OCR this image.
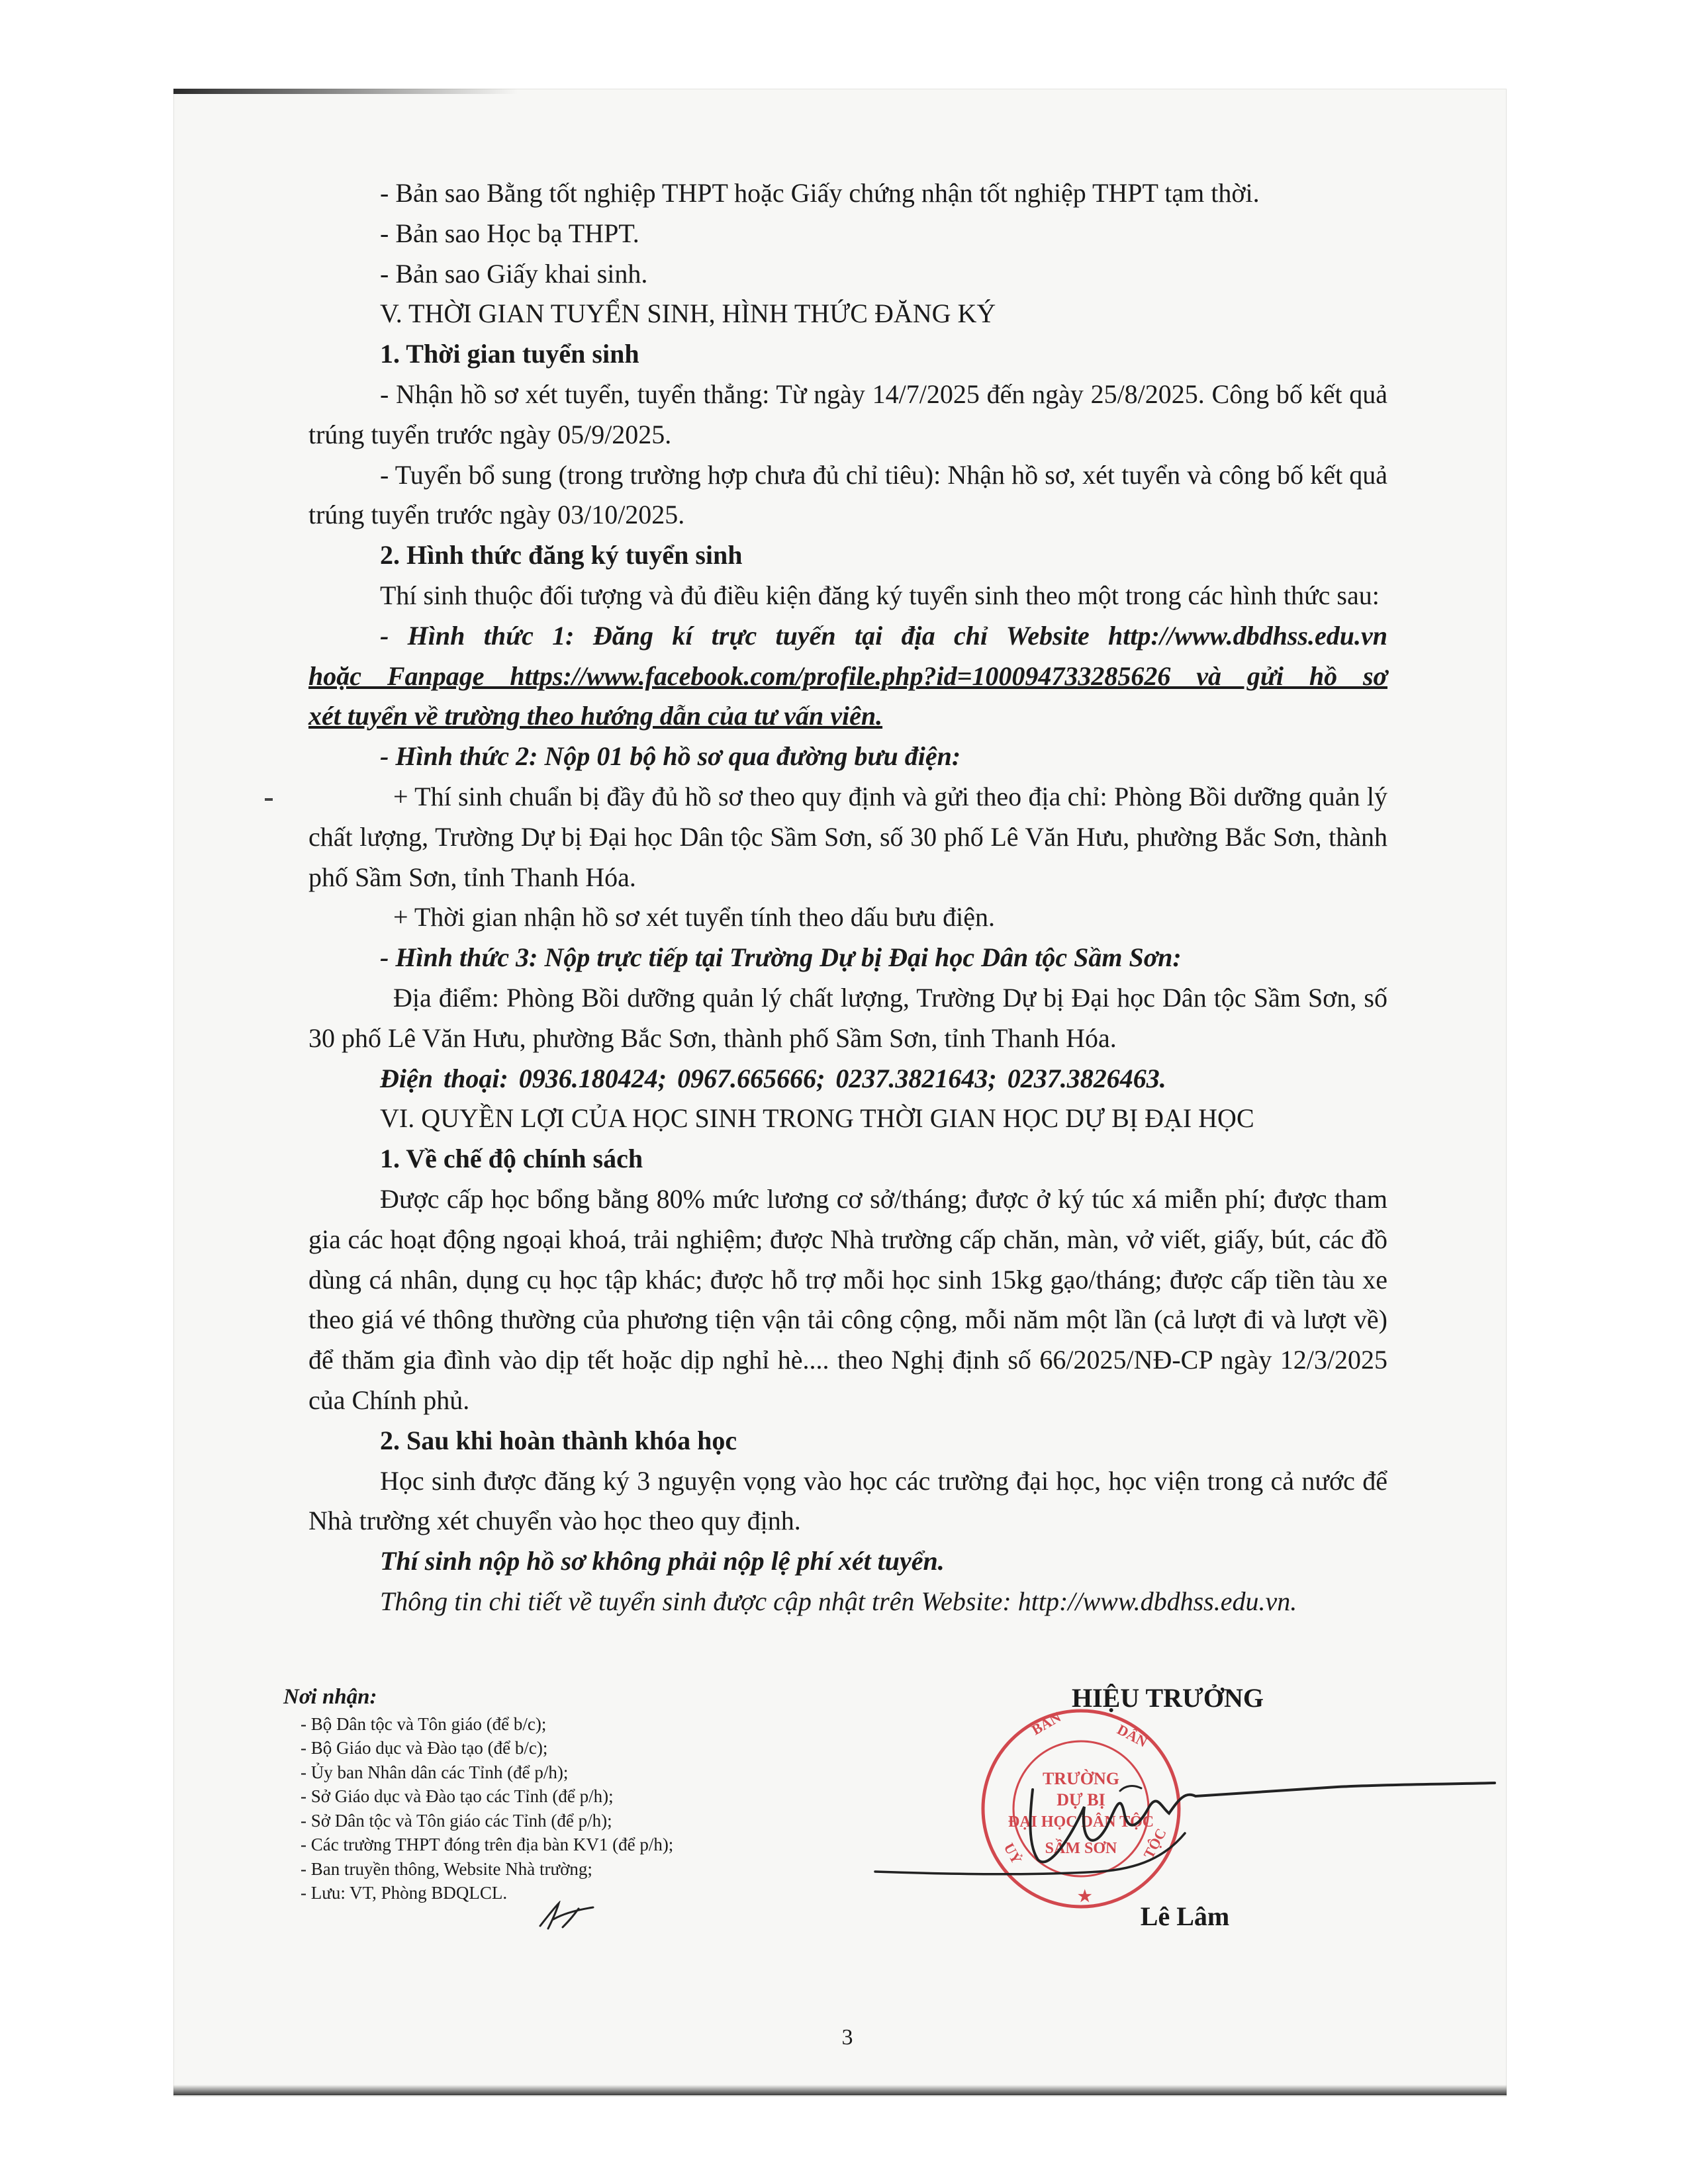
- Bản sao Bằng tốt nghiệp THPT hoặc Giấy chứng nhận tốt nghiệp THPT tạm thời.

- Bản sao Học bạ THPT.

- Bản sao Giấy khai sinh.

V. THỜI GIAN TUYỂN SINH, HÌNH THỨC ĐĂNG KÝ

1. Thời gian tuyển sinh

- Nhận hồ sơ xét tuyển, tuyển thẳng: Từ ngày 14/7/2025 đến ngày 25/8/2025. Công bố kết quả trúng tuyển trước ngày 05/9/2025.

- Tuyển bổ sung (trong trường hợp chưa đủ chỉ tiêu): Nhận hồ sơ, xét tuyển và công bố kết quả trúng tuyển trước ngày 03/10/2025.

2. Hình thức đăng ký tuyển sinh

Thí sinh thuộc đối tượng và đủ điều kiện đăng ký tuyển sinh theo một trong các hình thức sau:

- Hình thức 1: Đăng kí trực tuyến tại địa chỉ Website http://www.dbdhss.edu.vn

hoặc Fanpage https://www.facebook.com/profile.php?id=100094733285626 và gửi hồ sơ

xét tuyển về trường theo hướng dẫn của tư vấn viên.

- Hình thức 2: Nộp 01 bộ hồ sơ qua đường bưu điện:

+ Thí sinh chuẩn bị đầy đủ hồ sơ theo quy định và gửi theo địa chỉ: Phòng Bồi dưỡng quản lý chất lượng, Trường Dự bị Đại học Dân tộc Sầm Sơn, số 30 phố Lê Văn Hưu, phường Bắc Sơn, thành phố Sầm Sơn, tỉnh Thanh Hóa.

+ Thời gian nhận hồ sơ xét tuyển tính theo dấu bưu điện.

- Hình thức 3: Nộp trực tiếp tại Trường Dự bị Đại học Dân tộc Sầm Sơn:

Địa điểm: Phòng Bồi dưỡng quản lý chất lượng, Trường Dự bị Đại học Dân tộc Sầm Sơn, số 30 phố Lê Văn Hưu, phường Bắc Sơn, thành phố Sầm Sơn, tỉnh Thanh Hóa.

Điện thoại: 0936.180424; 0967.665666; 0237.3821643; 0237.3826463.

VI. QUYỀN LỢI CỦA HỌC SINH TRONG THỜI GIAN HỌC DỰ BỊ ĐẠI HỌC

1. Về chế độ chính sách

Được cấp học bổng bằng 80% mức lương cơ sở/tháng; được ở ký túc xá miễn phí; được tham gia các hoạt động ngoại khoá, trải nghiệm; được Nhà trường cấp chăn, màn, vở viết, giấy, bút, các đồ dùng cá nhân, dụng cụ học tập khác; được hỗ trợ mỗi học sinh 15kg gạo/tháng; được cấp tiền tàu xe theo giá vé thông thường của phương tiện vận tải công cộng, mỗi năm một lần (cả lượt đi và lượt về) để thăm gia đình vào dịp tết hoặc dịp nghỉ hè.... theo Nghị định số 66/2025/NĐ-CP ngày 12/3/2025 của Chính phủ.

2. Sau khi hoàn thành khóa học

Học sinh được đăng ký 3 nguyện vọng vào học các trường đại học, học viện trong cả nước để Nhà trường xét chuyển vào học theo quy định.

Thí sinh nộp hồ sơ không phải nộp lệ phí xét tuyển.

Thông tin chi tiết về tuyển sinh được cập nhật trên Website: http://www.dbdhss.edu.vn.

Nơi nhận:
- Bộ Dân tộc và Tôn giáo (để b/c);
- Bộ Giáo dục và Đào tạo (để b/c);
- Ủy ban Nhân dân các Tỉnh (để p/h);
- Sở Giáo dục và Đào tạo các Tỉnh (để p/h);
- Sở Dân tộc và Tôn giáo các Tỉnh (để p/h);
- Các trường THPT đóng trên địa bàn KV1 (để p/h);
- Ban truyền thông, Website Nhà trường;
- Lưu: VT, Phòng BDQLCL.
HIỆU TRƯỞNG
TRƯỜNG
DỰ BỊ
ĐẠI HỌC DÂN TỘC
SẦM SƠN
BAN	DÂN
TỘC
UỶ
★
Lê Lâm
3
